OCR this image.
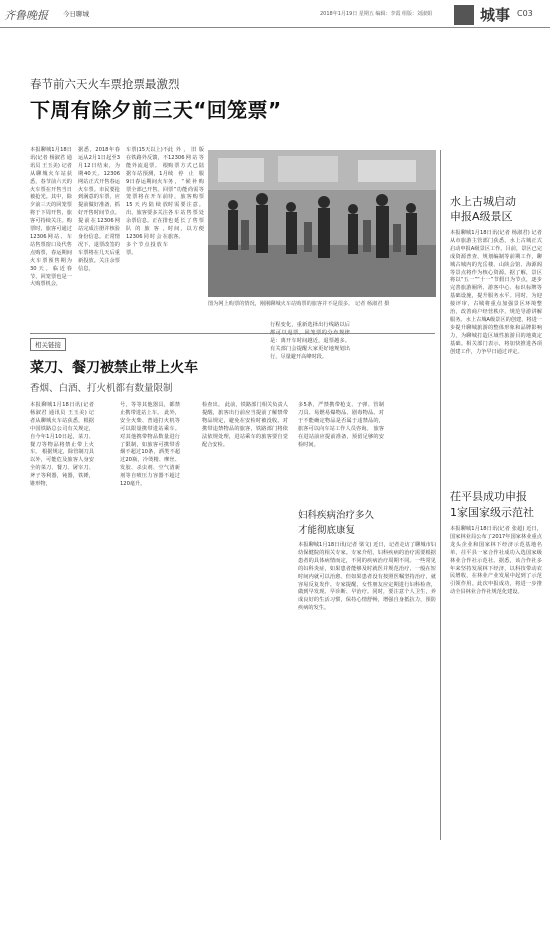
齐鲁晚报 今日聊城	2018年1月19日 星期五 编辑：李霞 组版：刘淑娟	城事 C03
春节前六天火车票抢票最激烈
下周有除夕前三天“回笼票”
本报聊城1月18日讯(记者 杨淑君 通讯员 王玉美) 记者从聊城火车站获悉，春节前六天的火车票在开售当日被抢光。其中，除夕前三天的回笼票将于下周开售，旅客可持续关注。购票时，旅客可通过12306网站、车站售票窗口及代售点购票，春运期间火车票预售期为30天。临近春节，回笼票也是一大购票机会，
据悉，2018年春运从2月1日起至3月12日结束，为期40天。12306网站正式开售春运火车票。市民要抢到满意的车票，应提前做好准备，抓好开售时间节点。提前在12306网站完成注册并核验身份信息。正常情况下，退票改签的车票将在几天后重新投放。关注余票信息，
车票(15天以上)不在铁路外反馈，不能外流退票。 根据车站预测，1月9日春运期间火车票全部已开售。回笼票将在开车前15天内陆续放出，旅客要多关注余票信息。正在排队的旅客，12306同时会在多个节点投放车票。
此外，旧版12306网站等购票方式已陆续停止服务，“候补购票”功能尚需等待，旅客购票时需要注意。各车站售票处也延长了售票时间，以方便旅客。
图为网上购票的情况，刚刚聊城火车站购票的旅客并不是很多。 记者 杨淑君 摄
行程变化，重新选择出行线路以后 是：离开车时间越近，退票越多。有关部门会提醒大家更好地规划出行，尽量避开高峰时段。
水上古城启动
申报A级景区
本报聊城1月18日讯(记者 杨淑君) 记者从市旅游主管部门获悉，水上古城正式启动申报A级景区工作。目前，景区已完成资源普查、规划编制等前期工作，聊城古城内的光岳楼、山陕会馆、海源阁等景点将作为核心资源。据了解，景区将以“五一”“十一”节假日为节点，逐步完善旅游厕所、游客中心、标识标牌等基础设施，提升服务水平。同时，为迎接评审，古城将重点加强景区环境整治，改善商户经营秩序，规范导游讲解服务。水上古城A级景区的创建，将进一步提升聊城旅游的整体形象和品牌影响力，为聊城打造区域性旅游目的地奠定基础。相关部门表示，将加快推进各项创建工作，力争早日通过评定。
茌平县成功申报
1家国家级示范社
本报聊城1月18日讯(记者 张超) 近日，国家林业局公布了2017年国家林业重点龙头企业和国家林下经济示范基地名单，茌平县一家合作社成功入选国家级林业合作社示范社。据悉，该合作社多年来坚持发展林下经济，以科技带动农民增收，在林业产业发展中起到了示范引领作用。此次申报成功，将进一步推动全县林业合作社规范化建设。
相关链接
菜刀、餐刀被禁止带上火车
香烟、白酒、打火机都有数量限制
本报聊城1月18日讯(记者 杨淑君 通讯员 王玉美) 记者从聊城火车站获悉，根据中国铁路总公司有关规定，自今年1月10日起，菜刀、餐刀等物品将禁止带上火车。 根据规定，除管制刀具以外，可能危及旅客人身安全的菜刀、餐刀、屠宰刀、斧子等利器，钝器，铁锤，锥形物，
号，等等其他器具，都禁止携带进站上车。 此外，安全火柴、普通打火机等可以限量携带进站乘车。对其他携带物品数量进行了限制，如旅客可携带香烟不超过10条，酒类不超过20瓶，冷烫精、摩丝、发胶、杀虫剂、空气清新剂等自喷压力容器不超过120毫升。
检查出。 此前，铁路部门相关负责人提醒，旅客出行前应当提前了解禁带物品规定，避免在安检时被没收。对携带违禁物品的旅客，铁路部门将依法依规处理，进站乘车的旅客要自觉配合安检。
多5条，严禁携带枪支、子弹、管制刀具、易燃易爆物品、剧毒物品。对于不能确定物品是否属于违禁品的，旅客可以向车站工作人员咨询。 旅客在进站前应提前准备，预留足够的安检时间。
妇科疾病治疗多久
才能彻底康复
本报聊城1月18日讯(记者 梁文) 近日，记者走访了聊城市妇幼保健院的相关专家。专家介绍，妇科疾病的治疗需要根据患者的具体病情而定，不同的疾病治疗周期不同。一些常见的妇科炎症，如果患者能够及时就医并规范治疗，一般在短时间内就可以治愈。但如果患者没有按照医嘱坚持治疗，就容易反复发作。专家提醒，女性朋友应定期进行妇科检查，做到早发现、早诊断、早治疗。同时，要注意个人卫生，养成良好的生活习惯，保持心情舒畅，增强自身抵抗力，预防疾病的发生。
